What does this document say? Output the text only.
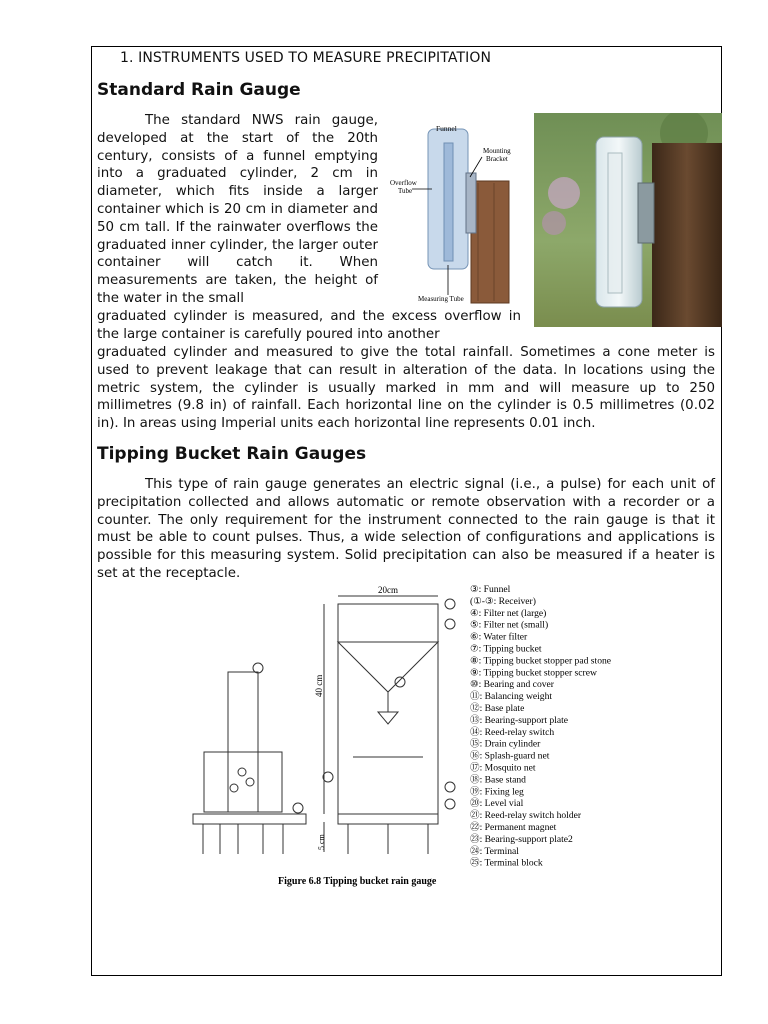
1. INSTRUMENTS USED TO MEASURE PRECIPITATION
Standard Rain Gauge

The standard NWS rain gauge, developed at the start of the 20th century, consists of a funnel emptying into a graduated cylinder, 2 cm in diameter, which fits inside a larger container which is 20 cm in diameter and 50 cm tall. If the rainwater overflows the graduated inner cylinder, the larger outer container will catch it. When measurements are taken, the height of the water in the small

graduated cylinder is measured, and the excess overflow in the large container is carefully poured into another

graduated cylinder and measured to give the total rainfall. Sometimes a cone meter is used to prevent leakage that can result in alteration of the data. In locations using the metric system, the cylinder is usually marked in mm and will measure up to 250 millimetres (9.8 in) of rainfall. Each horizontal line on the cylinder is 0.5 millimetres (0.02 in). In areas using Imperial units each horizontal line represents 0.01 inch.

Funnel
Mounting
Bracket
Overflow
Tube
Measuring Tube
Tipping Bucket Rain Gauges

This type of rain gauge generates an electric signal (i.e., a pulse) for each unit of precipitation collected and allows automatic or remote observation with a recorder or a counter. The only requirement for the instrument connected to the rain gauge is that it must be able to count pulses. Thus, a wide selection of configurations and applications is possible for this measuring system. Solid precipitation can also be measured if a heater is set at the receptacle.

20cm
40 cm
5 cm
Figure 6.8 Tipping bucket rain gauge
③: Funnel
(①-③: Receiver)
④: Filter net (large)
⑤: Filter net (small)
⑥: Water filter
⑦: Tipping bucket
⑧: Tipping bucket stopper pad stone
⑨: Tipping bucket stopper screw
⑩: Bearing and cover
⑪: Balancing weight
⑫: Base plate
⑬: Bearing-support plate
⑭: Reed-relay switch
⑮: Drain cylinder
⑯: Splash-guard net
⑰: Mosquito net
⑱: Base stand
⑲: Fixing leg
⑳: Level vial
㉑: Reed-relay switch holder
㉒: Permanent magnet
㉓: Bearing-support plate2
㉔: Terminal
㉕: Terminal block
